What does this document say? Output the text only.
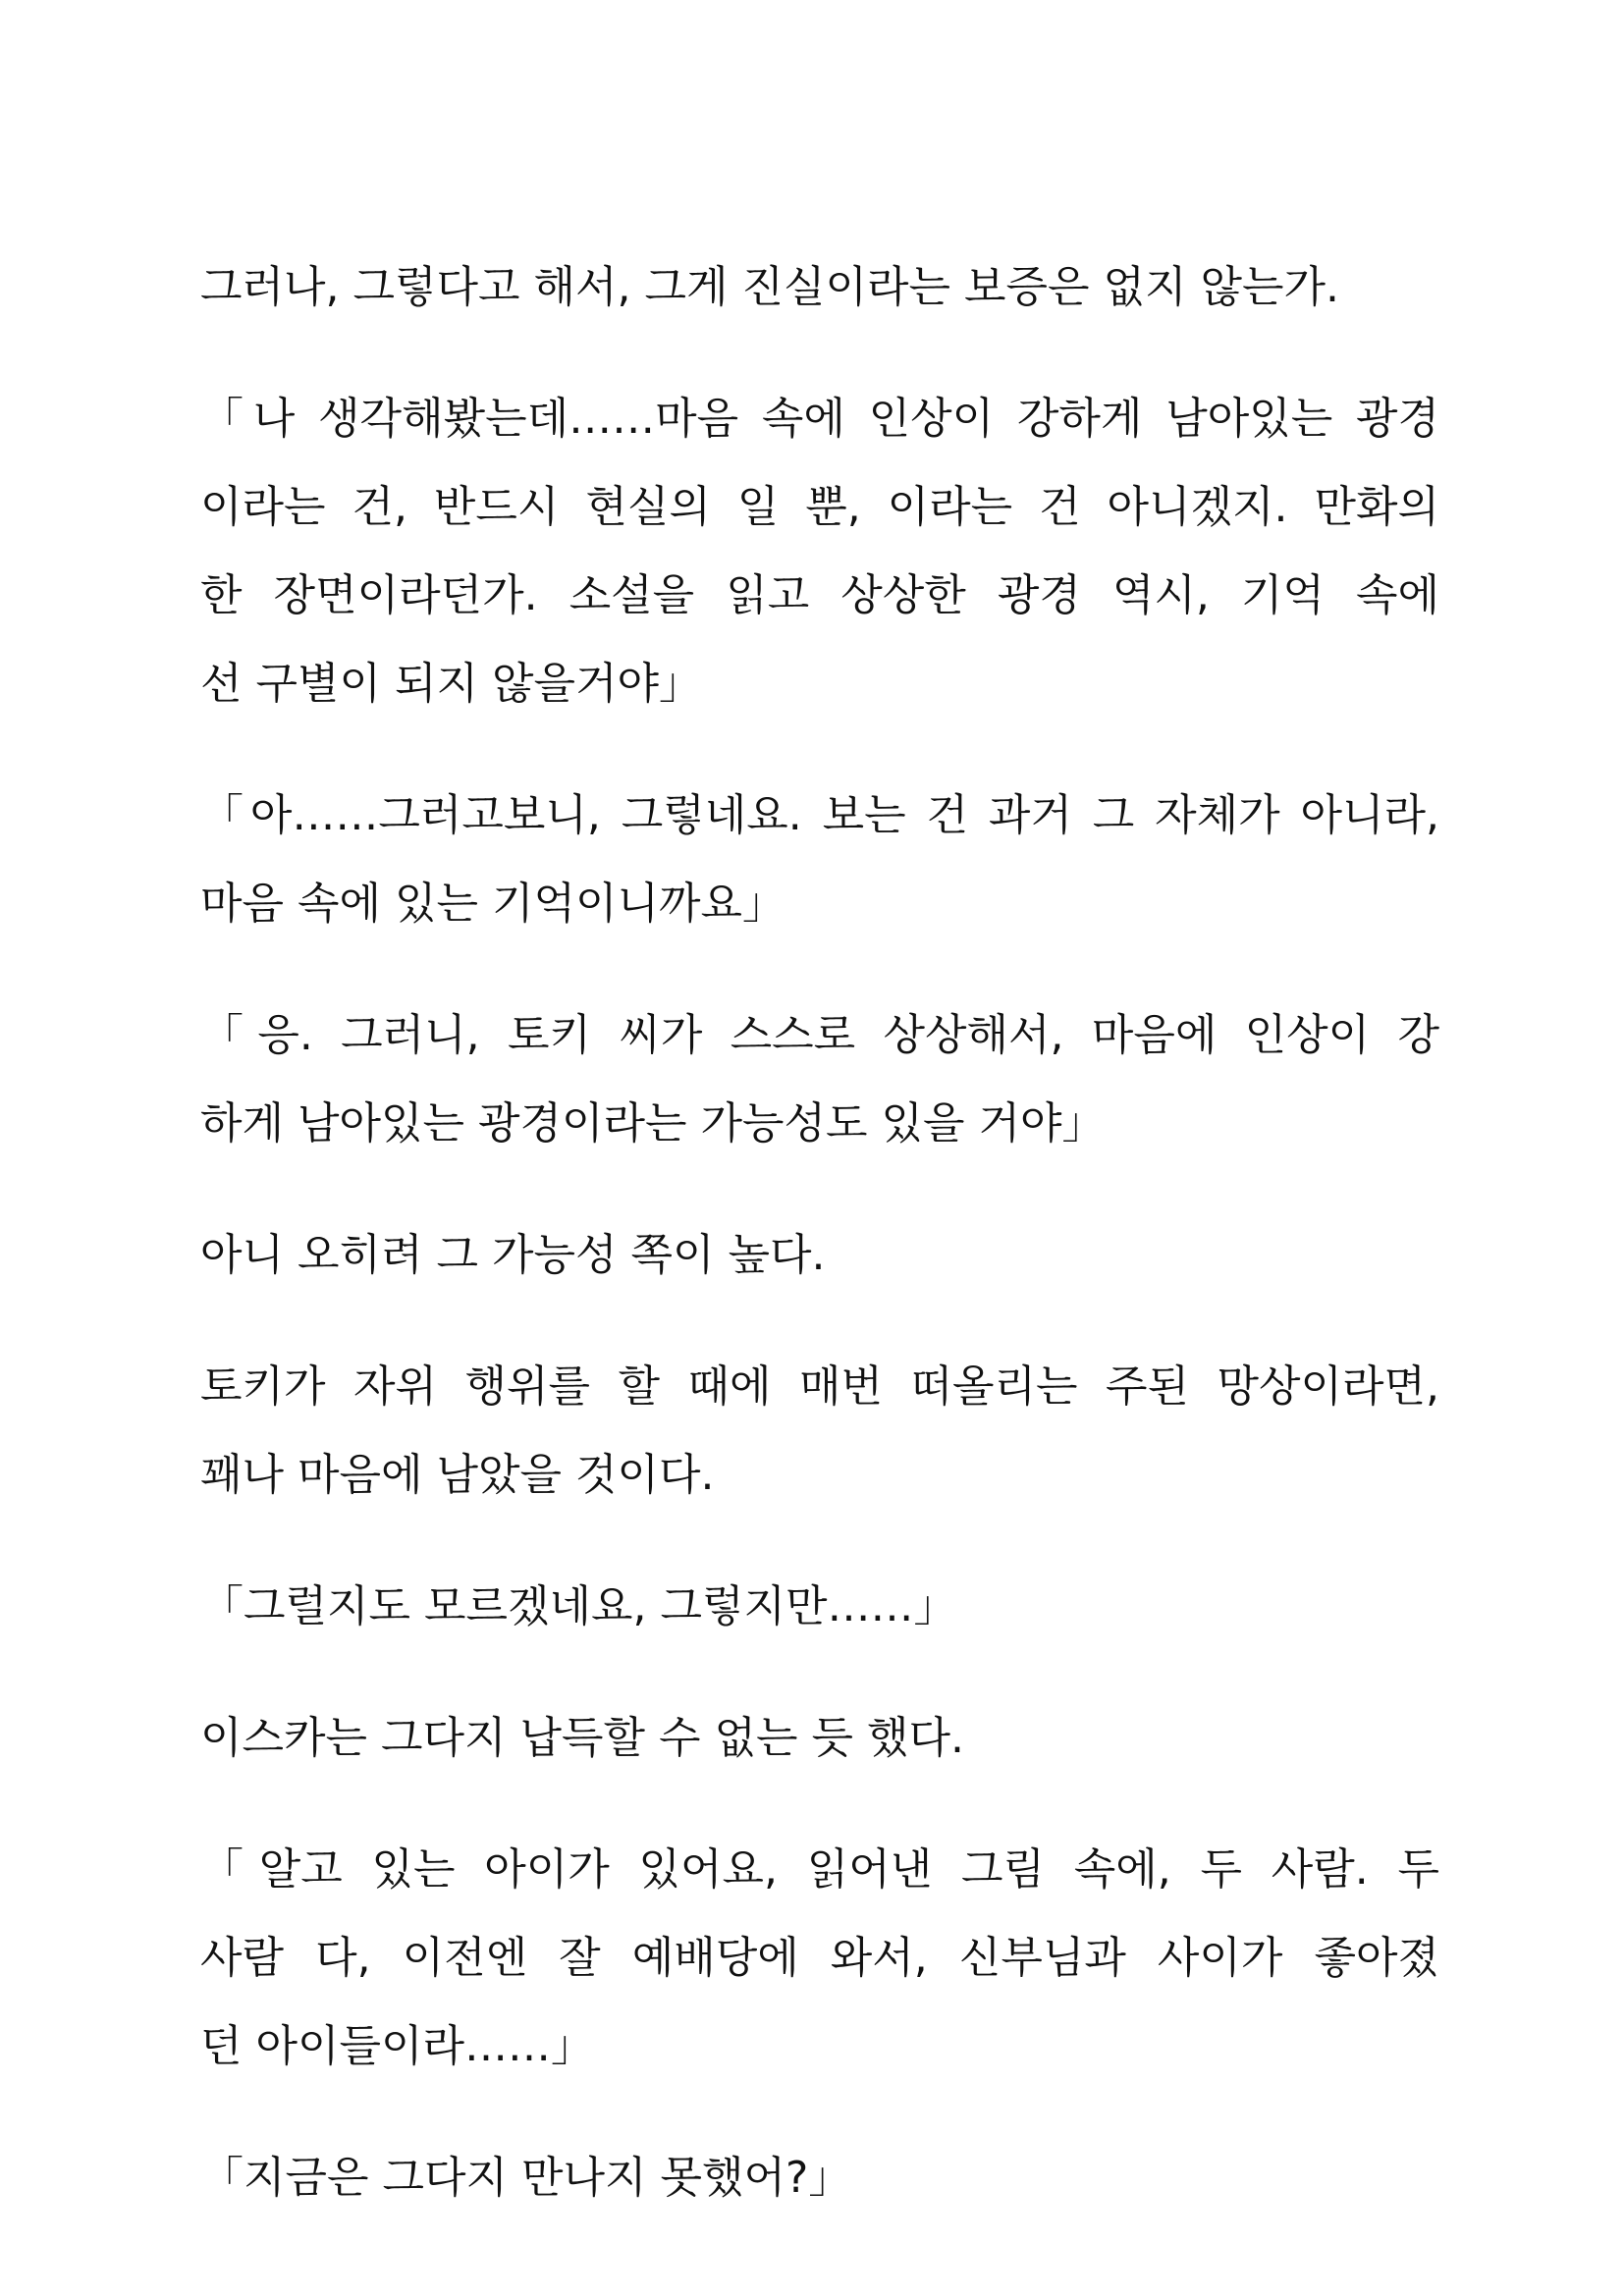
그러나, 그렇다고 해서, 그게 진실이라는 보증은 없지 않는가.
「나 생각해봤는데……마음 속에 인상이 강하게 남아있는 광경
이라는 건, 반드시 현실의 일 뿐, 이라는 건 아니겠지. 만화의
한 장면이라던가. 소설을 읽고 상상한 광경 역시, 기억 속에
선 구별이 되지 않을거야」
「아……그러고보니, 그렇네요. 보는 건 과거 그 자체가 아니라,
마음 속에 있는 기억이니까요」
「응. 그러니, 토키 씨가 스스로 상상해서, 마음에 인상이 강
하게 남아있는 광경이라는 가능성도 있을 거야」
아니 오히려 그 가능성 쪽이 높다.
토키가 자위 행위를 할 때에 매번 떠올리는 주된 망상이라면,
꽤나 마음에 남았을 것이다.
「그럴지도 모르겠네요, 그렇지만……」
이스카는 그다지 납득할 수 없는 듯 했다.
「알고 있는 아이가 있어요, 읽어낸 그림 속에, 두 사람. 두
사람 다, 이전엔 잘 예배당에 와서, 신부님과 사이가 좋아졌
던 아이들이라……」
「지금은 그다지 만나지 못했어?」
